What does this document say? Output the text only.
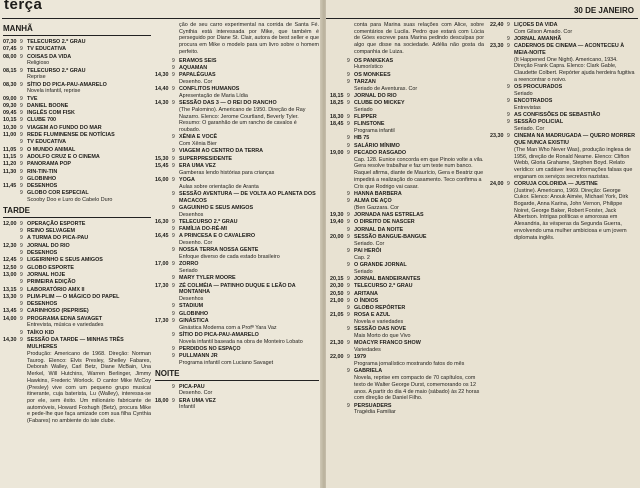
terça
MANHÃ
07,30 9 TELECURSO 2.º GRAU
07,45 9 TV EDUCATIVA
08,00 9 COISAS DA VIDA
Religioso
08,15 9 TELECURSO 2.º GRAU
Reprise
08,30 9 SÍTIO DO PICA-PAU-AMARELO
Novela infantil, reprise
09,00 9 TVE
09,30 9 DANIEL BOONE
09,45 9 INGLÊS COM FISK
10,15 9 CLUBE 700
10,30 9 VIAGEM AO FUNDO DO MAR
11,00 9 REDE FLUMINENSE DE NOTÍCIAS
9 TV EDUCATIVA
11,05 9 O MUNDO ANIMAL
11,15 9 ADOLFO CRUZ E O CINEMA
11,20 9 PANORAMA POP
11,30 9 RIN-TIN-TIN
9 GLOBINHO
11,45 9 DESENHOS
9 GLOBO COR ESPECIAL
Scooby Doo e Luro do Cabelo Duro
TARDE
12,00 9 OPERAÇÃO ESPORTE
9 REINO SELVAGEM
9 A TURMA DO PICA-PAU
12,30 9 JORNAL DO RIO
9 DESENHOS
12,45 9 LIGEIRINHO E SEUS AMIGOS
12,50 9 GLOBO ESPORTE
13,00 9 JORNAL HOJE
9 PRIMEIRA EDIÇÃO
13,15 9 LABORATÓRIO AMX II
13,30 9 PLIM-PLIM — O MÁGICO DO PAPEL
9 DESENHOS
13,45 9 CARINHOSO (REPRISE)
14,00 9 PROGRAMA EDNA SAVAGET
Entrevista, música e variedades
9 TAÍKO KID
14,30 9 SESSÃO DA TARDE — MINHAS TRÊS MULHERES
Produção: Americano de 1968. Direção: Norman Taurog. Elenco: Elvis Presley, Shelley Fabares, Deborah Walley, Carl Betz, Diane McBain, Una Merkel, Will Hutchins, Warren Berlinger, Jimmy Hawkins, Frederic Worlock. O cantor Mike McCoy (Presley) vive com um pequeno grupo musical itinerante, cuja baterista, Lu (Walley), interessa-se por ele, sem êxito. Um milionário fabricante de automóveis, Howard Foxhugh (Betz), procura Mike e pede-lhe que faça amizade com sua filha Cynthia (Fabares) no ambiente do iate clube.
ção de seu carro experimental na corrida de Santa Fé. Cynthia está interessada por Mike, que também é perseguido por Diane St. Clair, autora de best seller e que procura em Mike o modelo para um livro sobre o homem perfeito.
9 ERAMOS SEIS
9 AQUAMAN
14,30 9 PAPALÉGUAS
Desenho. Cor
14,40 9 CONFLITOS HUMANOS
Apresentação de Maria Lídia
14,30 9 SESSÃO DAS 3 — O REI DO RANCHO
(The Palomino). Americano de 1950. Direção de Ray Nazarro. Elenco: Jerome Courtland, Beverly Tyler. Resumo: O garanhão de um rancho de cavalos é roubado.
9 XÊNIA E VOCÊ
Com Xênia Bier
9 VIAGEM AO CENTRO DA TERRA
15,30 9 SUPERPRESIDENTE
15,45 9 ERA UMA VEZ
Gamberas lendo histórias para crianças
16,00 9 YOGA
Aulas sobre orientação de Aranta
9 SESSÃO AVENTURA — DE VOLTA AO PLANETA DOS MACACOS
9 GAGUINHO E SEUS AMIGOS
Desenhos
16,30 9 TELECURSO 2.º GRAU
9 FAMÍLIA DO-RÉ-MI
16,45 9 A PRINCESA E O CAVALEIRO
Desenho. Cor
9 NOSSA TERRA NOSSA GENTE
Enfoque diverso de cada estado brasileiro
17,00 9 ZORRO
Seriado
9 MARY TYLER MOORE
17,30 9 ZÉ COLMÉIA — PATINHO DUQUE E LEÃO DA MONTANHA
Desenhos
9 STADIUM
9 GLOBINHO
17,30 9 GINÁSTICA
Ginástica Moderna com a Profª Yara Vaz
9 SÍTIO DO PICA-PAU-AMARELO
Novela infantil baseada na obra de Monteiro Lobato
9 PERDIDOS NO ESPAÇO
9 PULLMANN JR
Programa infantil com Luciano Savaget
NOITE
9 PICA-PAU
Desenho. Cor
18,00 9 ERA UMA VEZ
Infantil
30 DE JANEIRO
conta para Marina suas relações com Alice, sobre comentários de Lucila. Pedro que estará com Lúcia de Góes escreve para Marina pedindo desculpas por algo que disse na sociedade. Adélia não gosta da companhia de Luiza.
9 OS PANKEKAS
Humorístico
9 OS MONKEES
9 TARZAN
Seriado de Aventuras. Cor
18,15 9 JORNAL DO RIO
18,25 9 CLUBE DO MICKEY
Seriado
18,30 9 FLIPPER
18,45 9 FLINSTONE
Programa infantil
9 HB 75
9 SALÁRIO MÍNIMO
19,00 9 PECADO RASGADO
Cap. 128. Eunice concorda em que Pinoio volte a vila. Gera resolve trabalhar e faz um teste num banco. Raquel afirma, diante de Maurício, Gera e Beatriz que impedirá a realização do casamento. Teco confirma a Cris que Rodrigo vai casar.
9 HANNA BARBERA
9 ALMA DE AÇO
(Ben Gazzara. Cor
19,30 9 JORNADA NAS ESTRELAS
19,40 9 O DIREITO DE NASCER
9 JORNAL DA NOITE
20,00 9 SESSÃO BANGUE-BANGUE
Seriado. Cor
9 PAI HERÓI
Cap. 2
9 O GRANDE JORNAL
Seriado
20,15 9 JORNAL BANDEIRANTES
20,30 9 TELECURSO 2.º GRAU
20,50 9 ARITANA
21,00 9 O ÍNDIOS
9 GLOBO REPÓRTER
21,05 9 ROSA E AZUL
Novela e variedades
9 SESSÃO DAS NOVE
Mais Morto do que Vivo
21,30 9 MOACYR FRANCO SHOW
Variedades
22,00 9 1979
Programa jornalístico mostrando fatos do mês
9 GABRIELA
Novela, reprise em compacto de 70 capítulos, com texto de Walter George Durst, comemorando os 12 anos. A partir do dia 4 de maio (sábado) às 22 horas com direção de Daniel Filho.
9 PERSUADERS
Tragédia Familiar
22,40 9 LIÇÕES DA VIDA
Com Gilson Amado. Cor
9 JORNAL AMANHÃ
23,30 9 CADERNOS DE CINEMA — ACONTECEU À MEIA-NOITE
(It Happened One Night). Americano, 1934. Direção Frank Capra. Elenco: Clark Gable, Claudette Colbert. Repórter ajuda herdeira fugitiva a reencontrar o noivo.
9 OS PROCURADOS
Seriado
9 ENCOTRADOS
Entrevistas
9 AS CONFISSÕES DE SEBASTIÃO
9 SESSÃO POLICIAL
Seriado. Cor
23,30 9 CINEMA NA MADRUGADA — QUERO MORRER QUE NUNCA EXISTIU
(The Man Who Never Was), produção inglesa de 1956, direção de Ronald Neame. Elenco: Clifton Webb, Gloria Grahame, Stephen Boyd. Relato verídico: um cadáver leva informações falsas que enganam os serviços secretos nazistas.
24,00 9 CORUJA COLORIDA — JUSTINE
(Justine). Americano, 1969. Direção: George Cukor. Elenco: Anouk Aimée, Michael York, Dirk Bogarde, Anna Karina, John Vernon, Philippe Noiret, George Baker, Robert Forster, Jack Albertson. Intrigas políticas e amorosas em Alexandria, às vésperas da Segunda Guerra, envolvendo uma mulher ambiciosa e um jovem diplomata inglês.
